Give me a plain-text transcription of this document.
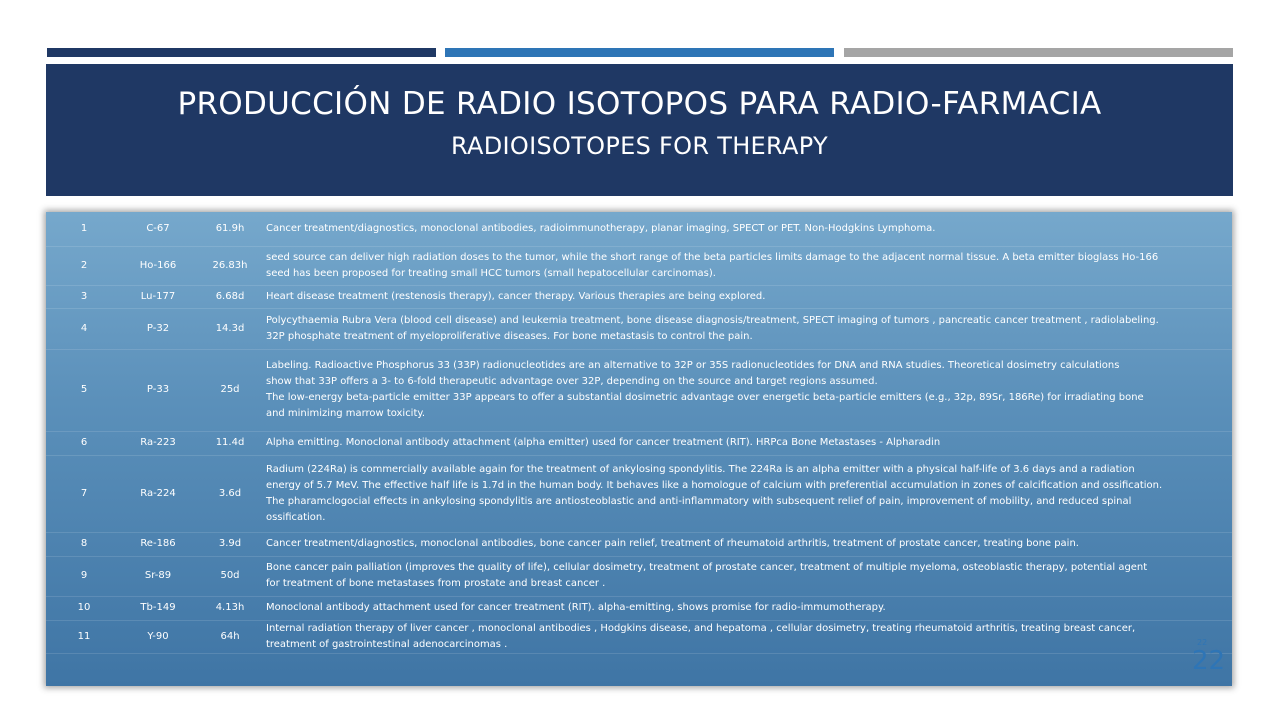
PRODUCCIÓN DE RADIO ISOTOPOS PARA RADIO-FARMACIA
RADIOISOTOPES FOR THERAPY
1	C-67	61.9h	Cancer treatment/diagnostics, monoclonal antibodies, radioimmunotherapy, planar imaging, SPECT or PET. Non-Hodgkins Lymphoma.

2	Ho-166	26.83h	seed source can deliver high radiation doses to the tumor, while the short range of the beta particles limits damage to the adjacent normal tissue. A beta emitter bioglass Ho-166
seed has been proposed for treating small HCC tumors (small hepatocellular carcinomas).

3	Lu-177	6.68d	Heart disease treatment (restenosis therapy), cancer therapy. Various therapies are being explored.

4	P-32	14.3d	Polycythaemia Rubra Vera (blood cell disease) and leukemia treatment, bone disease diagnosis/treatment, SPECT imaging of tumors , pancreatic cancer treatment , radiolabeling.
32P phosphate treatment of myeloproliferative diseases. For bone metastasis to control the pain.

5	P-33	25d	Labeling. Radioactive Phosphorus 33 (33P) radionucleotides are an alternative to 32P or 35S radionucleotides for DNA and RNA studies. Theoretical dosimetry calculations
show that 33P offers a 3- to 6-fold therapeutic advantage over 32P, depending on the source and target regions assumed.
The low-energy beta-particle emitter 33P appears to offer a substantial dosimetric advantage over energetic beta-particle emitters (e.g., 32p, 89Sr, 186Re) for irradiating bone
and minimizing marrow toxicity.

6	Ra-223	11.4d	Alpha emitting. Monoclonal antibody attachment (alpha emitter) used for cancer treatment (RIT). HRPca Bone Metastases - Alpharadin

7	Ra-224	3.6d	Radium (224Ra) is commercially available again for the treatment of ankylosing spondylitis. The 224Ra is an alpha emitter with a physical half-life of 3.6 days and a radiation
energy of 5.7 MeV. The effective half life is 1.7d in the human body. It behaves like a homologue of calcium with preferential accumulation in zones of calcification and ossification.
The pharamclogocial effects in ankylosing spondylitis are antiosteoblastic and anti-inflammatory with subsequent relief of pain, improvement of mobility, and reduced spinal
ossification.

8	Re-186	3.9d	Cancer treatment/diagnostics, monoclonal antibodies, bone cancer pain relief, treatment of rheumatoid arthritis, treatment of prostate cancer, treating bone pain.

9	Sr-89	50d	Bone cancer pain palliation (improves the quality of life), cellular dosimetry, treatment of prostate cancer, treatment of multiple myeloma, osteoblastic therapy, potential agent
for treatment of bone metastases from prostate and breast cancer .

10	Tb-149	4.13h	Monoclonal antibody attachment used for cancer treatment (RIT). alpha-emitting, shows promise for radio-immumotherapy.

11	Y-90	64h	Internal radiation therapy of liver cancer , monoclonal antibodies , Hodgkins disease, and hepatoma , cellular dosimetry, treating rheumatoid arthritis, treating breast cancer,
treatment of gastrointestinal adenocarcinomas .	22
22
